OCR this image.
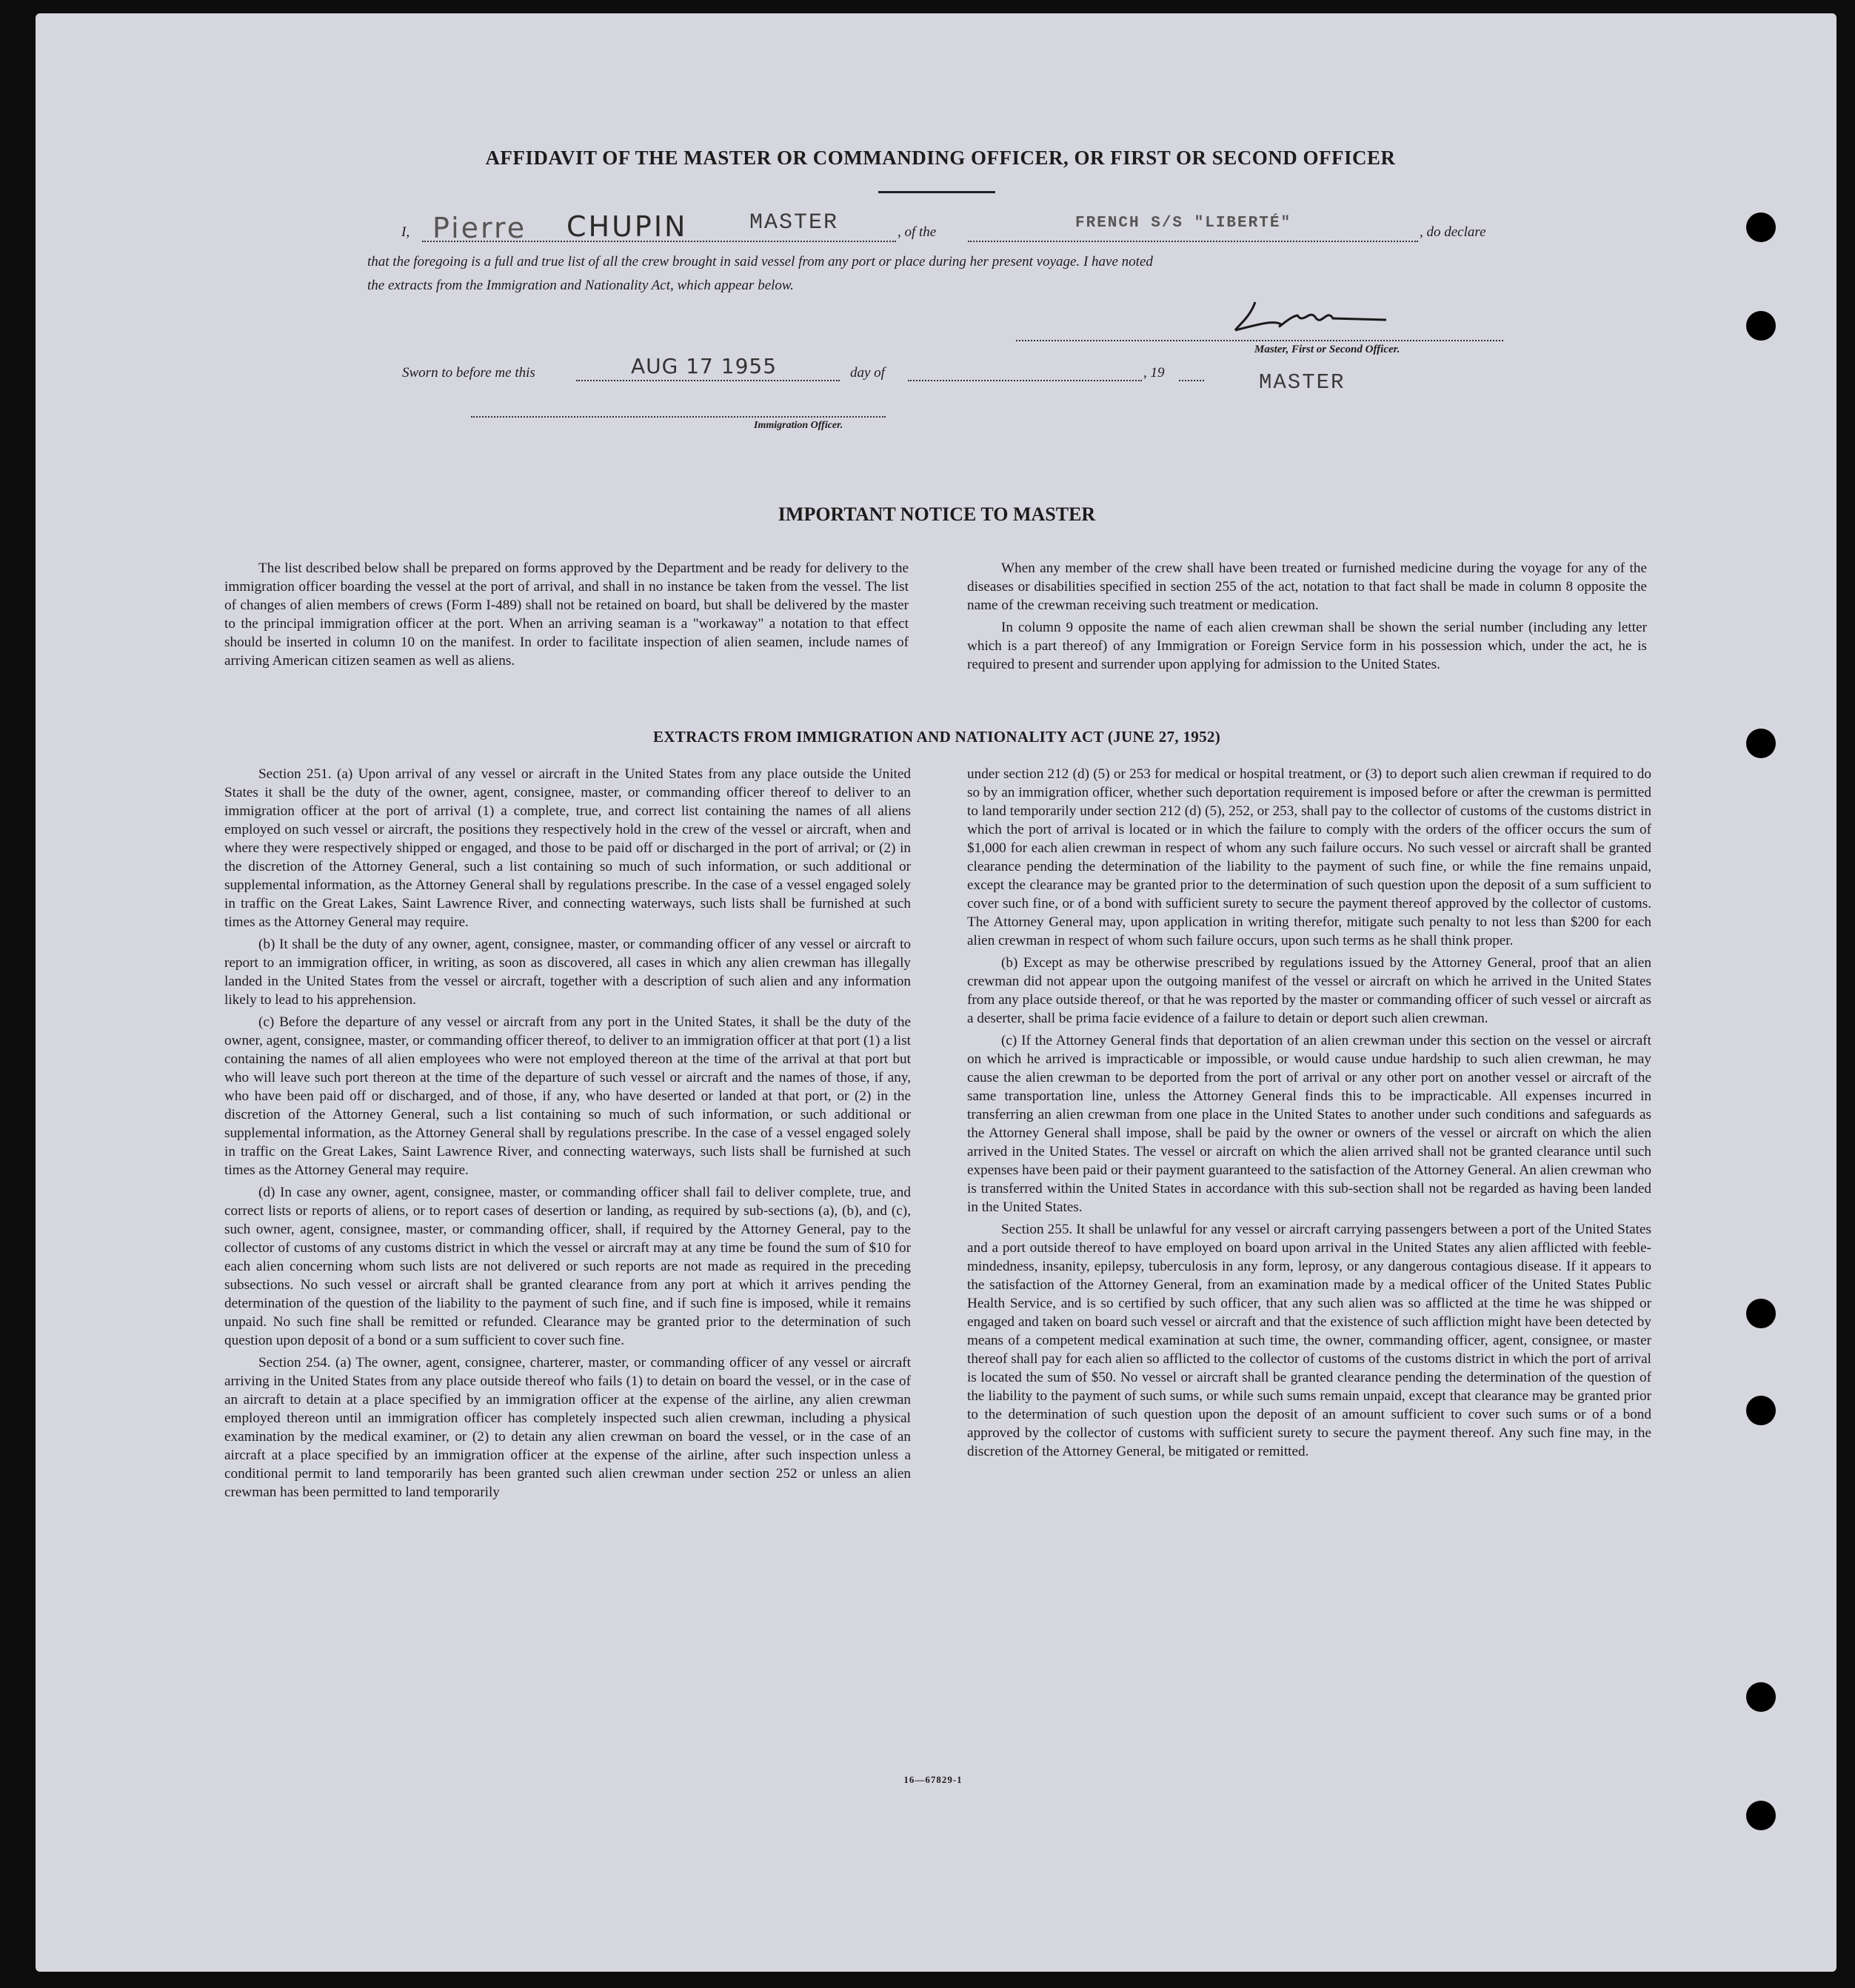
AFFIDAVIT OF THE MASTER OR COMMANDING OFFICER, OR FIRST OR SECOND OFFICER
I, Pierre CHUPIN	MASTER	, of the
FRENCH S/S "LIBERTÉ"
, do declare
that the foregoing is a full and true list of all the crew brought in said vessel from any port or place during her present voyage. I have noted
the extracts from the Immigration and Nationality Act, which appear below.
Master, First or Second Officer.
MASTER
Sworn to before me this	AUG 17 1955	day of	, 19
Immigration Officer.
IMPORTANT NOTICE TO MASTER

The list described below shall be prepared on forms approved by the Department and be ready for delivery to the immigration officer boarding the vessel at the port of arrival, and shall in no instance be taken from the vessel. The list of changes of alien members of crews (Form I-489) shall not be retained on board, but shall be delivered by the master to the principal immigration officer at the port. When an arriving seaman is a "workaway" a notation to that effect should be inserted in column 10 on the manifest. In order to facilitate inspection of alien seamen, include names of arriving American citizen seamen as well as aliens.

When any member of the crew shall have been treated or furnished medicine during the voyage for any of the diseases or disabilities specified in section 255 of the act, notation to that fact shall be made in column 8 opposite the name of the crewman receiving such treatment or medication.

In column 9 opposite the name of each alien crewman shall be shown the serial number (including any letter which is a part thereof) of any Immigration or Foreign Service form in his possession which, under the act, he is required to present and surrender upon applying for admission to the United States.

EXTRACTS FROM IMMIGRATION AND NATIONALITY ACT (JUNE 27, 1952)

Section 251. (a) Upon arrival of any vessel or aircraft in the United States from any place outside the United States it shall be the duty of the owner, agent, consignee, master, or commanding officer thereof to deliver to an immigration officer at the port of arrival (1) a complete, true, and correct list containing the names of all aliens employed on such vessel or aircraft, the positions they respectively hold in the crew of the vessel or aircraft, when and where they were respectively shipped or engaged, and those to be paid off or discharged in the port of arrival; or (2) in the discretion of the Attorney General, such a list containing so much of such information, or such additional or supplemental information, as the Attorney General shall by regulations prescribe. In the case of a vessel engaged solely in traffic on the Great Lakes, Saint Lawrence River, and connecting waterways, such lists shall be furnished at such times as the Attorney General may require.

(b) It shall be the duty of any owner, agent, consignee, master, or commanding officer of any vessel or aircraft to report to an immigration officer, in writing, as soon as discovered, all cases in which any alien crewman has illegally landed in the United States from the vessel or aircraft, together with a description of such alien and any information likely to lead to his apprehension.

(c) Before the departure of any vessel or aircraft from any port in the United States, it shall be the duty of the owner, agent, consignee, master, or commanding officer thereof, to deliver to an immigration officer at that port (1) a list containing the names of all alien employees who were not employed thereon at the time of the arrival at that port but who will leave such port thereon at the time of the departure of such vessel or aircraft and the names of those, if any, who have been paid off or discharged, and of those, if any, who have deserted or landed at that port, or (2) in the discretion of the Attorney General, such a list containing so much of such information, or such additional or supplemental information, as the Attorney General shall by regulations prescribe. In the case of a vessel engaged solely in traffic on the Great Lakes, Saint Lawrence River, and connecting waterways, such lists shall be furnished at such times as the Attorney General may require.

(d) In case any owner, agent, consignee, master, or commanding officer shall fail to deliver complete, true, and correct lists or reports of aliens, or to report cases of desertion or landing, as required by sub-sections (a), (b), and (c), such owner, agent, consignee, master, or commanding officer, shall, if required by the Attorney General, pay to the collector of customs of any customs district in which the vessel or aircraft may at any time be found the sum of $10 for each alien concerning whom such lists are not delivered or such reports are not made as required in the preceding subsections. No such vessel or aircraft shall be granted clearance from any port at which it arrives pending the determination of the question of the liability to the payment of such fine, and if such fine is imposed, while it remains unpaid. No such fine shall be remitted or refunded. Clearance may be granted prior to the determination of such question upon deposit of a bond or a sum sufficient to cover such fine.

Section 254. (a) The owner, agent, consignee, charterer, master, or commanding officer of any vessel or aircraft arriving in the United States from any place outside thereof who fails (1) to detain on board the vessel, or in the case of an aircraft to detain at a place specified by an immigration officer at the expense of the airline, any alien crewman employed thereon until an immigration officer has completely inspected such alien crewman, including a physical examination by the medical examiner, or (2) to detain any alien crewman on board the vessel, or in the case of an aircraft at a place specified by an immigration officer at the expense of the airline, after such inspection unless a conditional permit to land temporarily has been granted such alien crewman under section 252 or unless an alien crewman has been permitted to land temporarily

under section 212 (d) (5) or 253 for medical or hospital treatment, or (3) to deport such alien crewman if required to do so by an immigration officer, whether such deportation requirement is imposed before or after the crewman is permitted to land temporarily under section 212 (d) (5), 252, or 253, shall pay to the collector of customs of the customs district in which the port of arrival is located or in which the failure to comply with the orders of the officer occurs the sum of $1,000 for each alien crewman in respect of whom any such failure occurs. No such vessel or aircraft shall be granted clearance pending the determination of the liability to the payment of such fine, or while the fine remains unpaid, except the clearance may be granted prior to the determination of such question upon the deposit of a sum sufficient to cover such fine, or of a bond with sufficient surety to secure the payment thereof approved by the collector of customs. The Attorney General may, upon application in writing therefor, mitigate such penalty to not less than $200 for each alien crewman in respect of whom such failure occurs, upon such terms as he shall think proper.

(b) Except as may be otherwise prescribed by regulations issued by the Attorney General, proof that an alien crewman did not appear upon the outgoing manifest of the vessel or aircraft on which he arrived in the United States from any place outside thereof, or that he was reported by the master or commanding officer of such vessel or aircraft as a deserter, shall be prima facie evidence of a failure to detain or deport such alien crewman.

(c) If the Attorney General finds that deportation of an alien crewman under this section on the vessel or aircraft on which he arrived is impracticable or impossible, or would cause undue hardship to such alien crewman, he may cause the alien crewman to be deported from the port of arrival or any other port on another vessel or aircraft of the same transportation line, unless the Attorney General finds this to be impracticable. All expenses incurred in transferring an alien crewman from one place in the United States to another under such conditions and safeguards as the Attorney General shall impose, shall be paid by the owner or owners of the vessel or aircraft on which the alien arrived in the United States. The vessel or aircraft on which the alien arrived shall not be granted clearance until such expenses have been paid or their payment guaranteed to the satisfaction of the Attorney General. An alien crewman who is transferred within the United States in accordance with this sub-section shall not be regarded as having been landed in the United States.

Section 255. It shall be unlawful for any vessel or aircraft carrying passengers between a port of the United States and a port outside thereof to have employed on board upon arrival in the United States any alien afflicted with feeble-mindedness, insanity, epilepsy, tuberculosis in any form, leprosy, or any dangerous contagious disease. If it appears to the satisfaction of the Attorney General, from an examination made by a medical officer of the United States Public Health Service, and is so certified by such officer, that any such alien was so afflicted at the time he was shipped or engaged and taken on board such vessel or aircraft and that the existence of such affliction might have been detected by means of a competent medical examination at such time, the owner, commanding officer, agent, consignee, or master thereof shall pay for each alien so afflicted to the collector of customs of the customs district in which the port of arrival is located the sum of $50. No vessel or aircraft shall be granted clearance pending the determination of the question of the liability to the payment of such sums, or while such sums remain unpaid, except that clearance may be granted prior to the determination of such question upon the deposit of an amount sufficient to cover such sums or of a bond approved by the collector of customs with sufficient surety to secure the payment thereof. Any such fine may, in the discretion of the Attorney General, be mitigated or remitted.

16—67829-1
